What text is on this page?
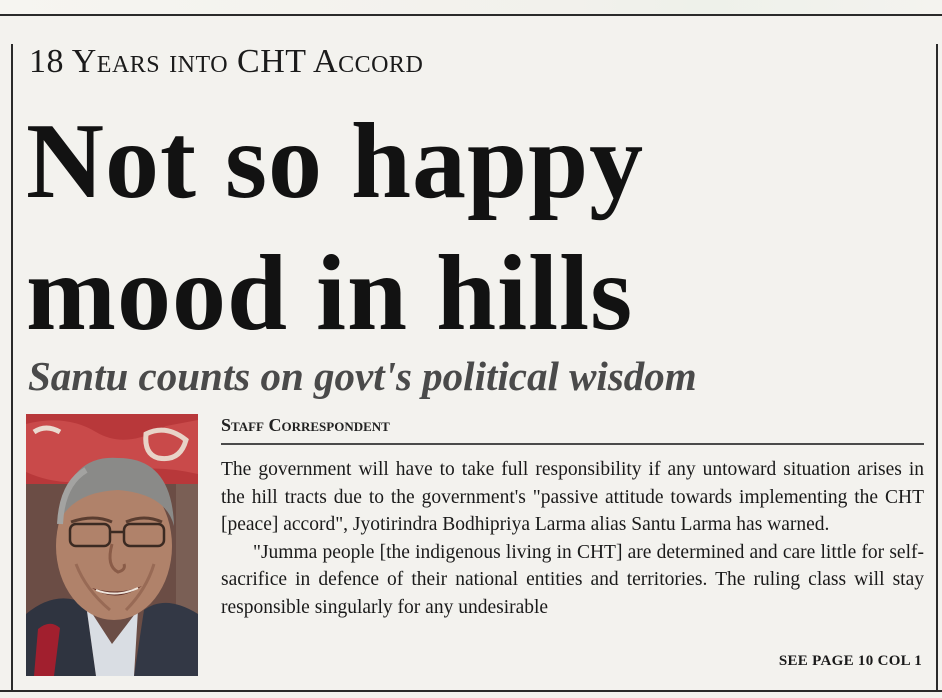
18 Years into CHT Accord
Not so happy
mood in hills
Santu counts on govt's political wisdom
Staff Correspondent

The government will have to take full responsibility if any untoward situation arises in the hill tracts due to the government's "passive attitude towards implementing the CHT [peace] accord", Jyotirindra Bodhipriya Larma alias Santu Larma has warned.

"Jumma people [the indigenous living in CHT] are determined and care little for self-sacrifice in defence of their national entities and territories. The ruling class will stay responsible singularly for any undesirable

SEE PAGE 10 COL 1
